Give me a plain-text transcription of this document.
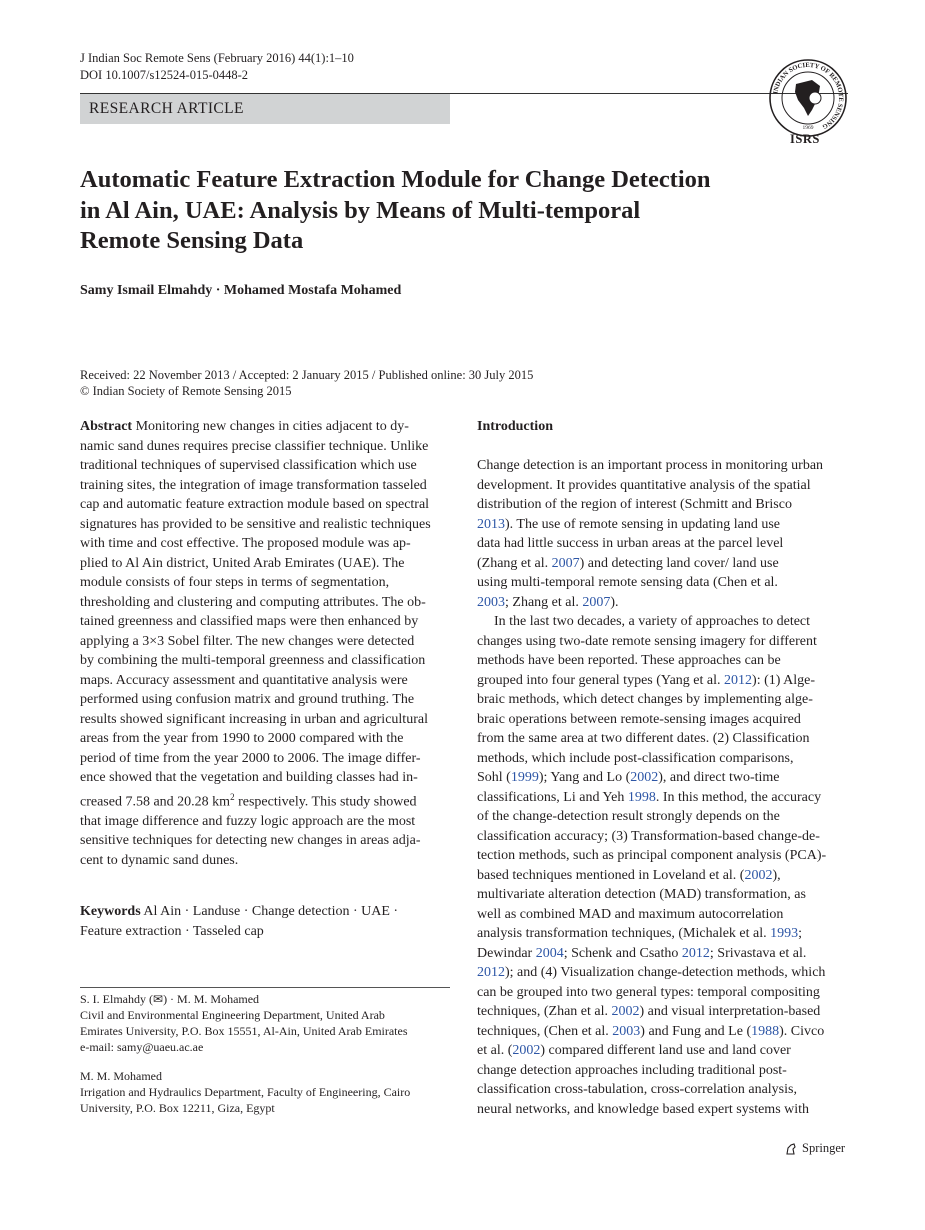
J Indian Soc Remote Sens (February 2016) 44(1):1–10
DOI 10.1007/s12524-015-0448-2
RESEARCH ARTICLE
INDIAN SOCIETY OF REMOTE SENSING
1969
ISRS
Automatic Feature Extraction Module for Change Detection
in Al Ain, UAE: Analysis by Means of Multi-temporal
Remote Sensing Data
Samy Ismail Elmahdy · Mohamed Mostafa Mohamed
Received: 22 November 2013 / Accepted: 2 January 2015 / Published online: 30 July 2015
© Indian Society of Remote Sensing 2015
Abstract Monitoring new changes in cities adjacent to dy-
namic sand dunes requires precise classifier technique. Unlike
traditional techniques of supervised classification which use
training sites, the integration of image transformation tasseled
cap and automatic feature extraction module based on spectral
signatures has provided to be sensitive and realistic techniques
with time and cost effective. The proposed module was ap-
plied to Al Ain district, United Arab Emirates (UAE). The
module consists of four steps in terms of segmentation,
thresholding and clustering and computing attributes. The ob-
tained greenness and classified maps were then enhanced by
applying a 3×3 Sobel filter. The new changes were detected
by combining the multi-temporal greenness and classification
maps. Accuracy assessment and quantitative analysis were
performed using confusion matrix and ground truthing. The
results showed significant increasing in urban and agricultural
areas from the year from 1990 to 2000 compared with the
period of time from the year 2000 to 2006. The image differ-
ence showed that the vegetation and building classes had in-
creased 7.58 and 20.28 $km^2$ respectively. This study showed
that image difference and fuzzy logic approach are the most
sensitive techniques for detecting new changes in areas adja-
cent to dynamic sand dunes.
Keywords Al Ain · Landuse · Change detection · UAE ·
Feature extraction · Tasseled cap
S. I. Elmahdy (✉) · M. M. Mohamed
Civil and Environmental Engineering Department, United Arab
Emirates University, P.O. Box 15551, Al-Ain, United Arab Emirates
e-mail: samy@uaeu.ac.ae
M. M. Mohamed
Irrigation and Hydraulics Department, Faculty of Engineering, Cairo
University, P.O. Box 12211, Giza, Egypt
Introduction
Change detection is an important process in monitoring urban
development. It provides quantitative analysis of the spatial
distribution of the region of interest (Schmitt and Brisco
2013). The use of remote sensing in updating land use
data had little success in urban areas at the parcel level
(Zhang et al. 2007) and detecting land cover/ land use
using multi-temporal remote sensing data (Chen et al.
2003; Zhang et al. 2007).
In the last two decades, a variety of approaches to detect
changes using two-date remote sensing imagery for different
methods have been reported. These approaches can be
grouped into four general types (Yang et al. 2012): (1) Alge-
braic methods, which detect changes by implementing alge-
braic operations between remote-sensing images acquired
from the same area at two different dates. (2) Classification
methods, which include post-classification comparisons,
Sohl (1999); Yang and Lo (2002), and direct two-time
classifications, Li and Yeh 1998. In this method, the accuracy
of the change-detection result strongly depends on the
classification accuracy; (3) Transformation-based change-de-
tection methods, such as principal component analysis (PCA)-
based techniques mentioned in Loveland et al. (2002),
multivariate alteration detection (MAD) transformation, as
well as combined MAD and maximum autocorrelation
analysis transformation techniques, (Michalek et al. 1993;
Dewindar 2004; Schenk and Csatho 2012; Srivastava et al.
2012); and (4) Visualization change-detection methods, which
can be grouped into two general types: temporal compositing
techniques, (Zhan et al. 2002) and visual interpretation-based
techniques, (Chen et al. 2003) and Fung and Le (1988). Civco
et al. (2002) compared different land use and land cover
change detection approaches including traditional post-
classification cross-tabulation, cross-correlation analysis,
neural networks, and knowledge based expert systems with
Springer
